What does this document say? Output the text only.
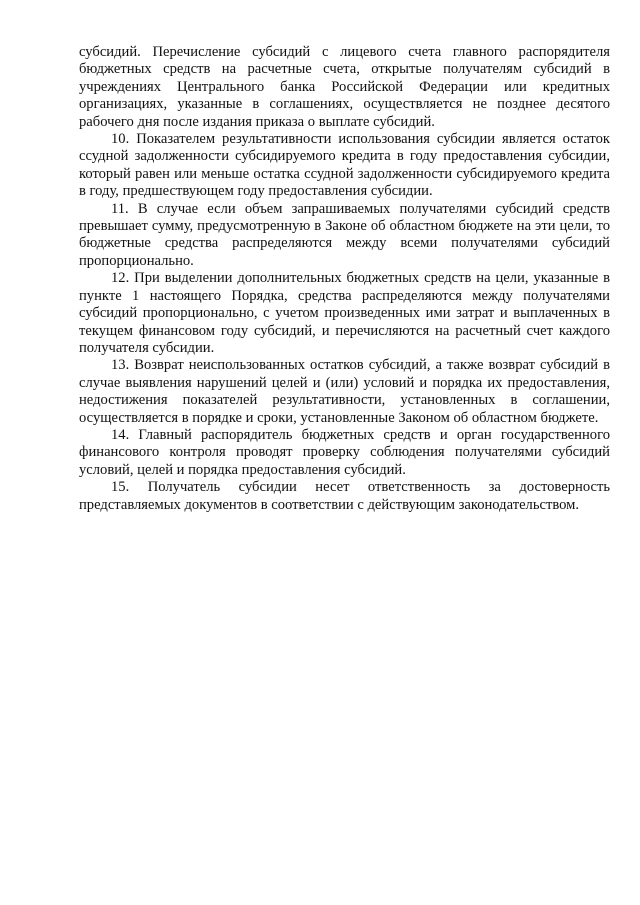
субсидий. Перечисление субсидий с лицевого счета главного распорядителя бюджетных средств на расчетные счета, открытые получателям субсидий в учреждениях Центрального банка Российской Федерации или кредитных организациях, указанные в соглашениях, осуществляется не позднее десятого рабочего дня после издания приказа о выплате субсидий.

10. Показателем результативности использования субсидии является остаток ссудной задолженности субсидируемого кредита в году предоставления субсидии, который равен или меньше остатка ссудной задолженности субсидируемого кредита в году, предшествующем году предоставления субсидии.

11. В случае если объем запрашиваемых получателями субсидий средств превышает сумму, предусмотренную в Законе об областном бюджете на эти цели, то бюджетные средства распределяются между всеми получателями субсидий пропорционально.

12. При выделении дополнительных бюджетных средств на цели, указанные в пункте 1 настоящего Порядка, средства распределяются между получателями субсидий пропорционально, с учетом произведенных ими затрат и выплаченных в текущем финансовом году субсидий, и перечисляются на расчетный счет каждого получателя субсидии.

13. Возврат неиспользованных остатков субсидий, а также возврат субсидий в случае выявления нарушений целей и (или) условий и порядка их предоставления, недостижения показателей результативности, установленных в соглашении, осуществляется в порядке и сроки, установленные Законом об областном бюджете.

14. Главный распорядитель бюджетных средств и орган государственного финансового контроля проводят проверку соблюдения получателями субсидий условий, целей и порядка предоставления субсидий.

15. Получатель субсидии несет ответственность за достоверность представляемых документов в соответствии с действующим законодательством.
